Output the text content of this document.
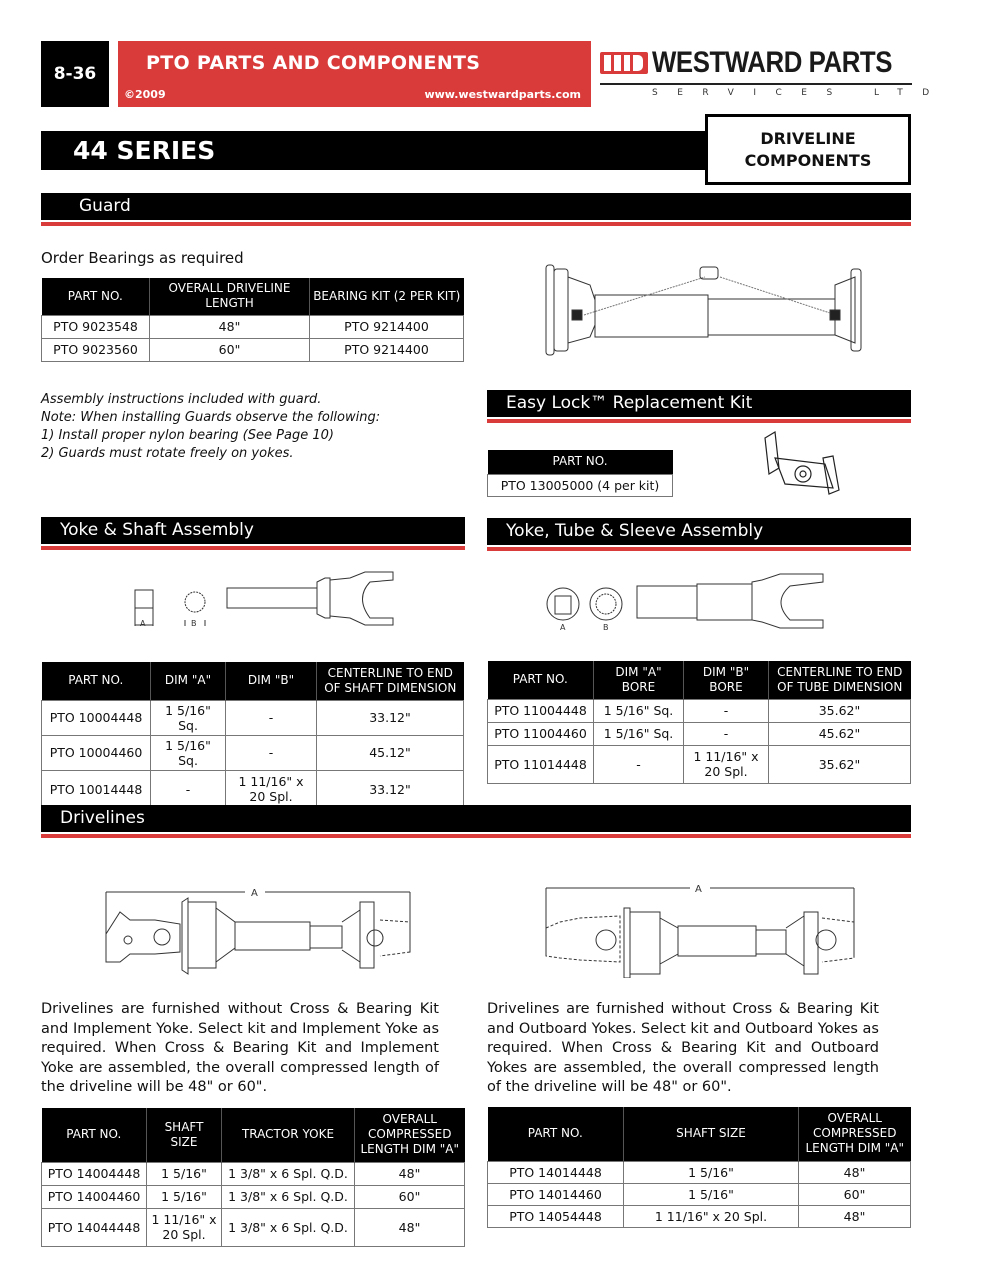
8-36	PTO PARTS AND COMPONENTS
©2009	www.westwardparts.com
WESTWARD PARTS
SERVICES LTD
44 SERIES	DRIVELINE
COMPONENTS
Guard
Order Bearings as required
PART NO.	OVERALL DRIVELINE LENGTH	BEARING KIT (2 PER KIT)
PTO 9023548	48"	PTO 9214400
PTO 9023560	60"	PTO 9214400
Assembly instructions included with guard.
Note: When installing Guards observe the following:
1) Install proper nylon bearing (See Page 10)
2) Guards must rotate freely on yokes.
Easy Lock™ Replacement Kit
PART NO.
PTO 13005000 (4 per kit)
Yoke & Shaft Assembly
A	B
PART NO.	DIM "A"	DIM "B"	CENTERLINE TO END OF SHAFT DIMENSION
PTO 10004448	1 5/16" Sq.	-	33.12"
PTO 10004460	1 5/16" Sq.	-	45.12"
PTO 10014448	-	1 11/16" x 20 Spl.	33.12"
Yoke, Tube & Sleeve Assembly
A	B
PART NO.	DIM "A" BORE	DIM "B" BORE	CENTERLINE TO END OF TUBE DIMENSION
PTO 11004448	1 5/16" Sq.	-	35.62"
PTO 11004460	1 5/16" Sq.	-	45.62"
PTO 11014448	-	1 11/16" x 20 Spl.	35.62"
Drivelines
A	A
Drivelines are furnished without Cross & Bearing Kit and Implement Yoke. Select kit and Implement Yoke as required. When Cross & Bearing Kit and Implement Yoke are assembled, the overall compressed length of the driveline will be 48" or 60".
Drivelines are furnished without Cross & Bearing Kit and Outboard Yokes. Select kit and Outboard Yokes as required. When Cross & Bearing Kit and Outboard Yokes are assembled, the overall compressed length of the driveline will be 48" or 60".
PART NO.	SHAFT SIZE	TRACTOR YOKE	OVERALL COMPRESSED LENGTH DIM "A"
PTO 14004448	1 5/16"	1 3/8" x 6 Spl. Q.D.	48"
PTO 14004460	1 5/16"	1 3/8" x 6 Spl. Q.D.	60"
PTO 14044448	1 11/16" x 20 Spl.	1 3/8" x 6 Spl. Q.D.	48"
PART NO.	SHAFT SIZE	OVERALL COMPRESSED LENGTH DIM "A"
PTO 14014448	1 5/16"	48"
PTO 14014460	1 5/16"	60"
PTO 14054448	1 11/16" x 20 Spl.	48"
